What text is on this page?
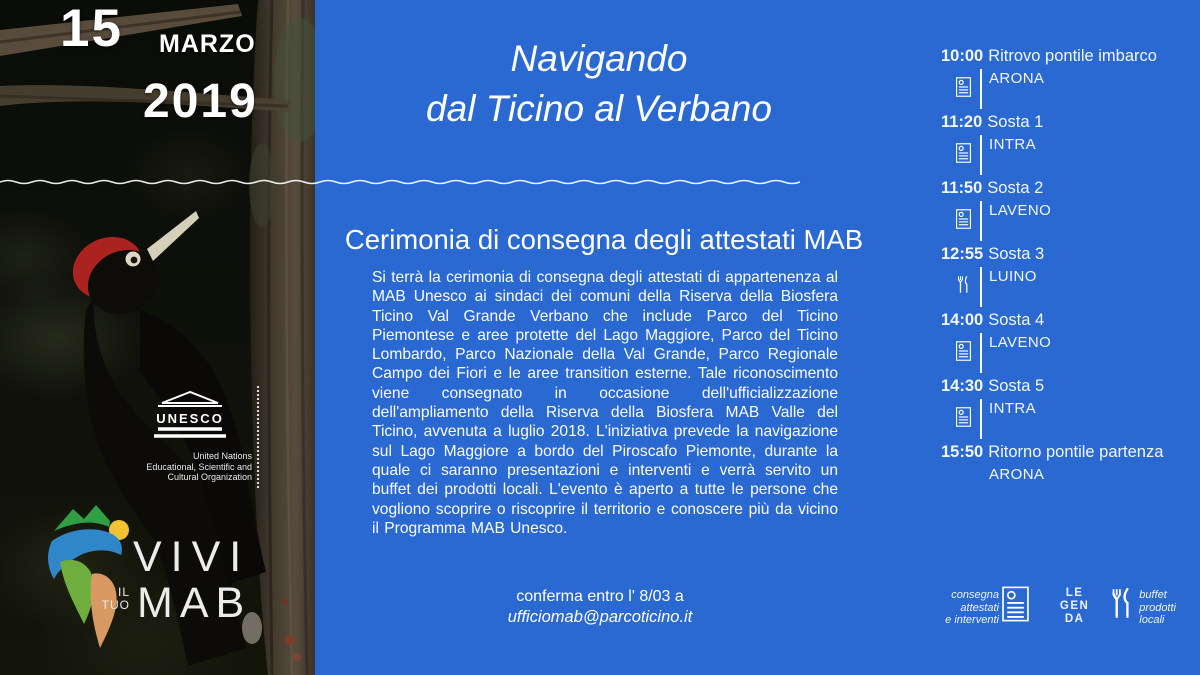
15 MARZO
2019
UNESCO
United Nations
Educational, Scientific and
Cultural Organization
VIVI
MAB
IL
TUO
Navigando
dal Ticino al Verbano
Cerimonia di consegna degli attestati MAB
Si terrà la cerimonia di consegna degli attestati di appartenenza al MAB Unesco ai sindaci dei comuni della Riserva della Biosfera Ticino Val Grande Verbano che include Parco del Ticino Piemontese e aree protette del Lago Maggiore, Parco del Ticino Lombardo, Parco Nazionale della Val Grande, Parco Regionale Campo dei Fiori e le aree transition esterne. Tale riconoscimento viene consegnato in occasione dell'ufficializzazione dell'ampliamento della Riserva della Biosfera MAB Valle del Ticino, avvenuta a luglio 2018. L'iniziativa prevede la navigazione sul Lago Maggiore a bordo del Piroscafo Piemonte, durante la quale ci saranno presentazioni e interventi e verrà servito un buffet dei prodotti locali. L'evento è aperto a tutte le persone che vogliono scoprire o riscoprire il territorio e conoscere più da vicino il Programma MAB Unesco.
conferma entro l' 8/03 a
ufficiomab@parcoticino.it
10:00 Ritrovo pontile imbarco
ARONA
11:20 Sosta 1
INTRA
11:50 Sosta 2
LAVENO
12:55 Sosta 3
LUINO
14:00 Sosta 4
LAVENO
14:30 Sosta 5
INTRA
15:50 Ritorno pontile partenza
ARONA
consegna
attestati
e interventi
LE
GEN
DA
buffet
prodotti
locali
